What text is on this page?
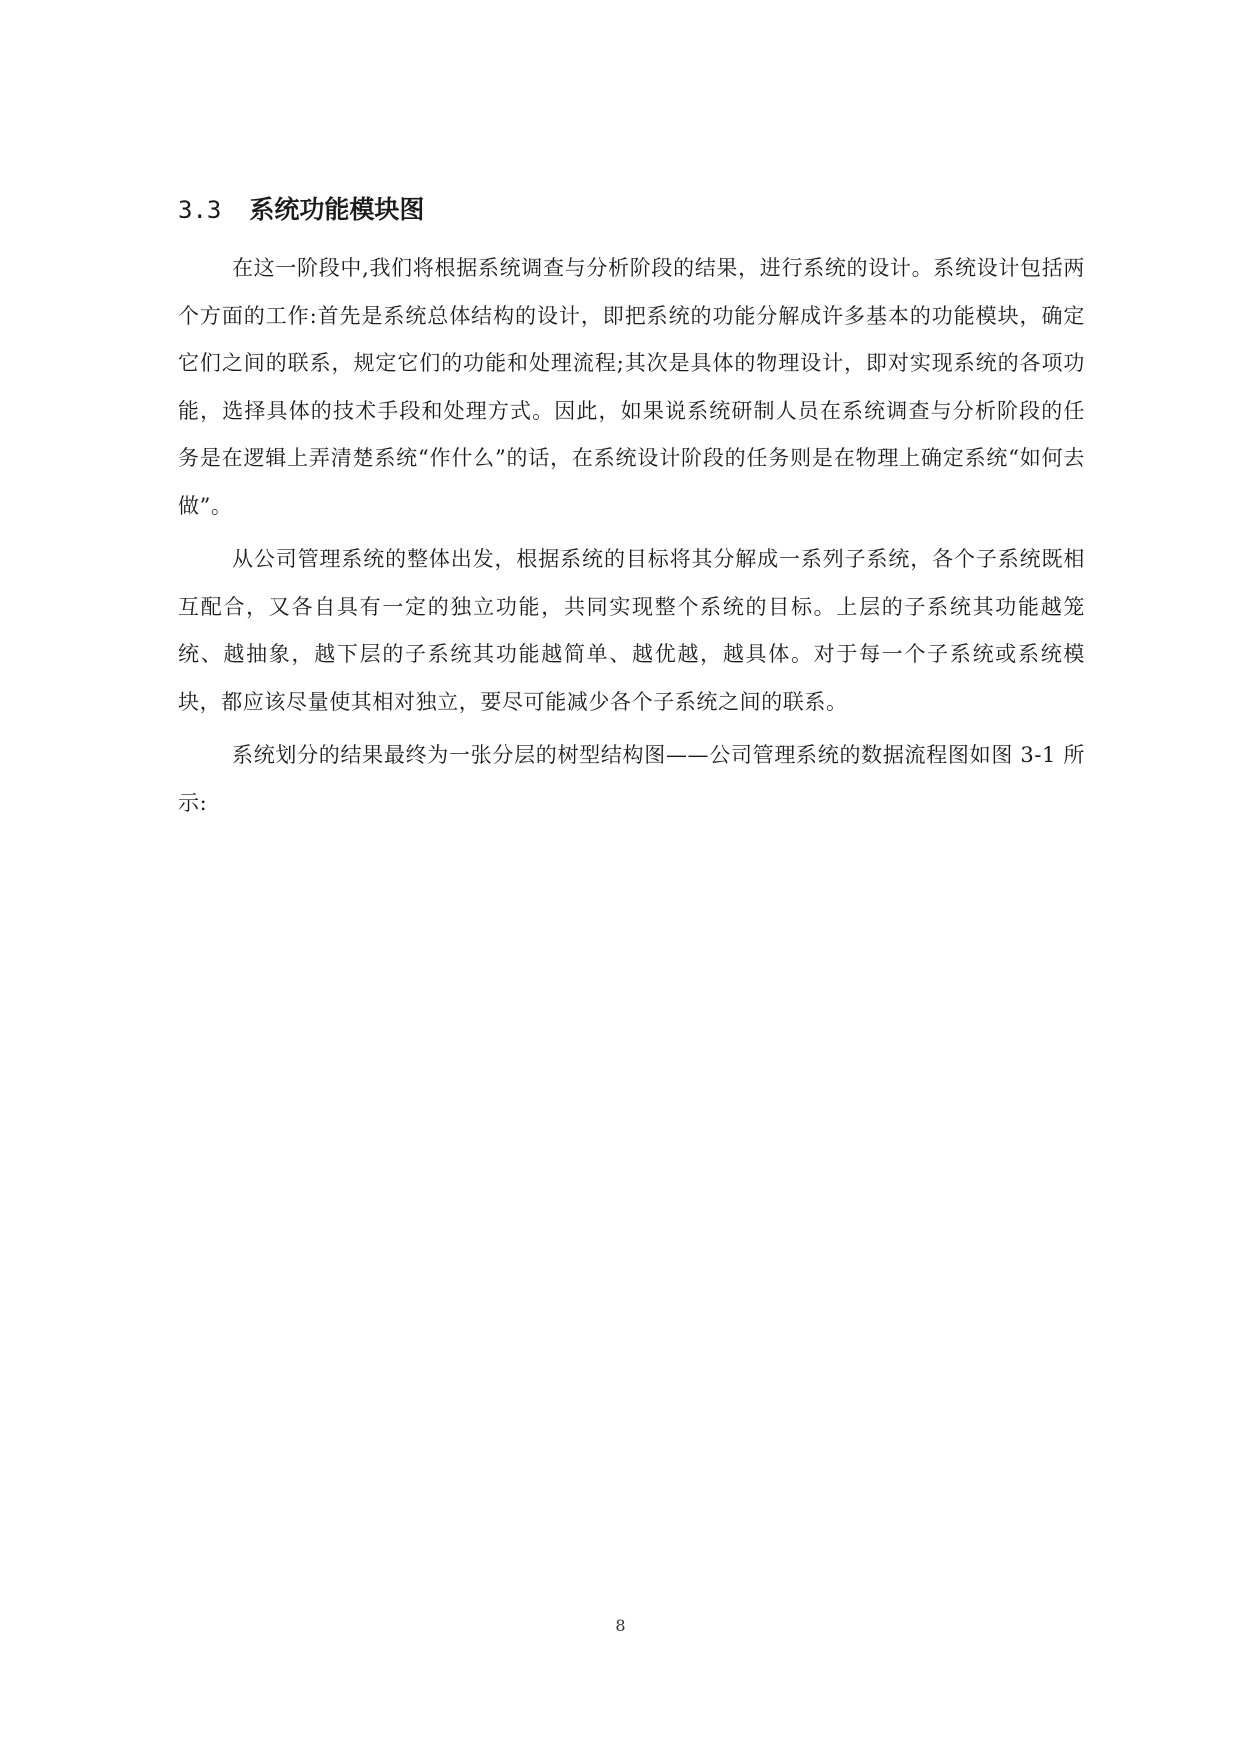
3.3 系统功能模块图

在这一阶段中,我们将根据系统调查与分析阶段的结果，进行系统的设计。系统设计包括两个方面的工作:首先是系统总体结构的设计，即把系统的功能分解成许多基本的功能模块，确定它们之间的联系，规定它们的功能和处理流程;其次是具体的物理设计，即对实现系统的各项功能，选择具体的技术手段和处理方式。因此，如果说系统研制人员在系统调查与分析阶段的任务是在逻辑上弄清楚系统“作什么”的话，在系统设计阶段的任务则是在物理上确定系统“如何去做”。

从公司管理系统的整体出发，根据系统的目标将其分解成一系列子系统，各个子系统既相互配合，又各自具有一定的独立功能，共同实现整个系统的目标。上层的子系统其功能越笼统、越抽象，越下层的子系统其功能越简单、越优越，越具体。对于每一个子系统或系统模块，都应该尽量使其相对独立，要尽可能减少各个子系统之间的联系。

系统划分的结果最终为一张分层的树型结构图——公司管理系统的数据流程图如图 3-1 所示:

8
